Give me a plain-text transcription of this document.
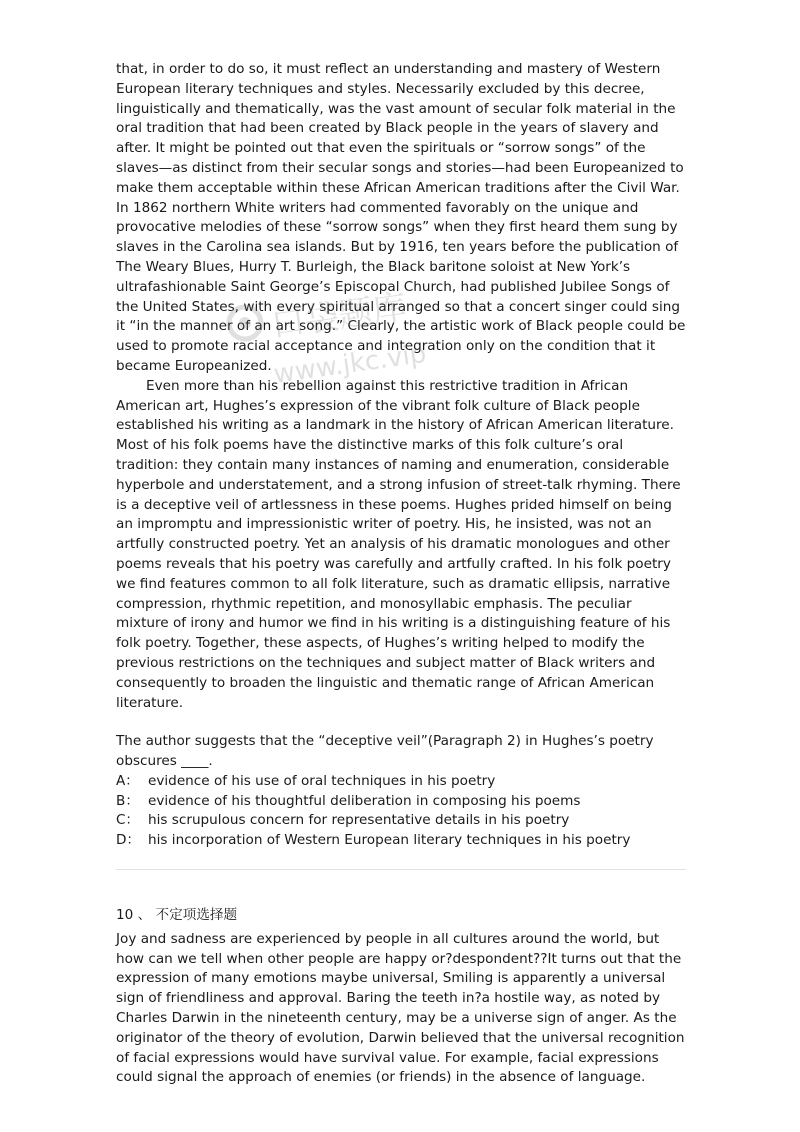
that, in order to do so, it must reflect an understanding and mastery of Western European literary techniques and styles. Necessarily excluded by this decree, linguistically and thematically, was the vast amount of secular folk material in the oral tradition that had been created by Black people in the years of slavery and after. It might be pointed out that even the spirituals or “sorrow songs” of the slaves—as distinct from their secular songs and stories—had been Europeanized to make them acceptable within these African American traditions after the Civil War. In 1862 northern White writers had commented favorably on the unique and provocative melodies of these “sorrow songs” when they first heard them sung by slaves in the Carolina sea islands. But by 1916, ten years before the publication of The Weary Blues, Hurry T. Burleigh, the Black baritone soloist at New York’s ultrafashionable Saint George’s Episcopal Church, had published Jubilee Songs of the United States, with every spiritual arranged so that a concert singer could sing it “in the manner of an art song.” Clearly, the artistic work of Black people could be used to promote racial acceptance and integration only on the condition that it became Europeanized.

Even more than his rebellion against this restrictive tradition in African American art, Hughes’s expression of the vibrant folk culture of Black people established his writing as a landmark in the history of African American literature. Most of his folk poems have the distinctive marks of this folk culture’s oral tradition: they contain many instances of naming and enumeration, considerable hyperbole and understatement, and a strong infusion of street-talk rhyming. There is a deceptive veil of artlessness in these poems. Hughes prided himself on being an impromptu and impressionistic writer of poetry. His, he insisted, was not an artfully constructed poetry. Yet an analysis of his dramatic monologues and other poems reveals that his poetry was carefully and artfully crafted. In his folk poetry we find features common to all folk literature, such as dramatic ellipsis, narrative compression, rhythmic repetition, and monosyllabic emphasis. The peculiar mixture of irony and humor we find in his writing is a distinguishing feature of his folk poetry. Together, these aspects, of Hughes’s writing helped to modify the previous restrictions on the techniques and subject matter of Black writers and consequently to broaden the linguistic and thematic range of African American literature.

The author suggests that the “deceptive veil”(Paragraph 2) in Hughes’s poetry obscures ____.

A： evidence of his use of oral techniques in his poetry

B： evidence of his thoughtful deliberation in composing his poems

C： his scrupulous concern for representative details in his poetry

D： his incorporation of Western European literary techniques in his poetry

10 、 不定项选择题

Joy and sadness are experienced by people in all cultures around the world, but how can we tell when other people are happy or?despondent??It turns out that the expression of many emotions maybe universal, Smiling is apparently a universal sign of friendliness and approval. Baring the teeth in?a hostile way, as noted by Charles Darwin in the nineteenth century, may be a universe sign of anger. As the originator of the theory of evolution, Darwin believed that the universal recognition of facial expressions would have survival value. For example, facial expressions could signal the approach of enemies (or friends) in the absence of language.

口袋题库
www.jkc.vip
